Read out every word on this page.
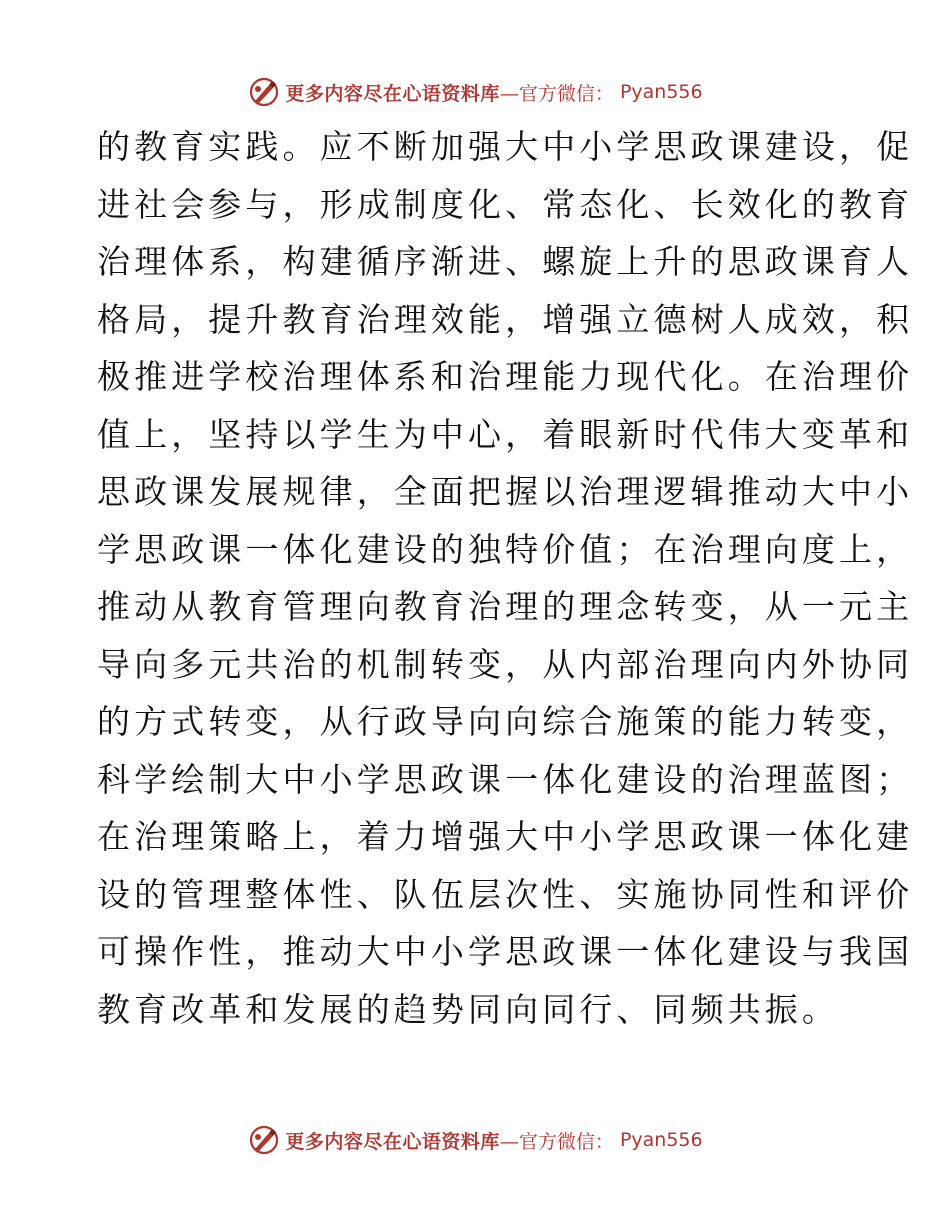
更多内容尽在心语资料库 —官方微信： Pyan556
的教育实践。应不断加强大中小学思政课建设，促
进社会参与，形成制度化、常态化、长效化的教育
治理体系，构建循序渐进、螺旋上升的思政课育人
格局，提升教育治理效能，增强立德树人成效，积
极推进学校治理体系和治理能力现代化。在治理价
值上，坚持以学生为中心，着眼新时代伟大变革和
思政课发展规律，全面把握以治理逻辑推动大中小
学思政课一体化建设的独特价值；在治理向度上，
推动从教育管理向教育治理的理念转变，从一元主
导向多元共治的机制转变，从内部治理向内外协同
的方式转变，从行政导向向综合施策的能力转变，
科学绘制大中小学思政课一体化建设的治理蓝图；
在治理策略上，着力增强大中小学思政课一体化建
设的管理整体性、队伍层次性、实施协同性和评价
可操作性，推动大中小学思政课一体化建设与我国
教育改革和发展的趋势同向同行、同频共振。
更多内容尽在心语资料库 —官方微信： Pyan556
